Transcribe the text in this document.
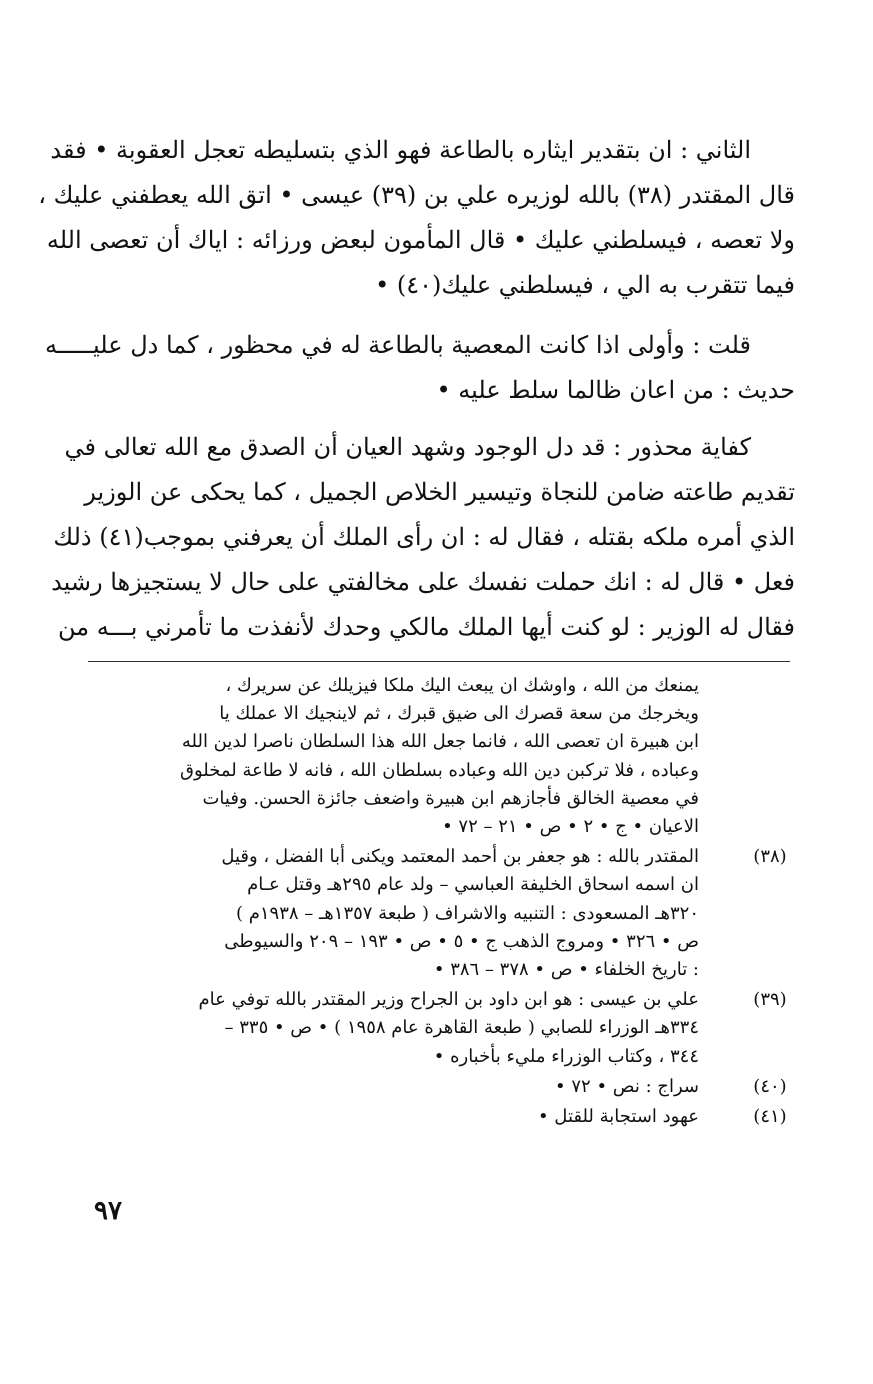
الثاني : ان بتقدير ايثاره بالطاعة فهو الذي بتسليطه تعجل العقوبة • فقد
قال المقتدر (٣٨) بالله لوزيره علي بن (٣٩) عيسى • اتق الله يعطفني عليك ،
ولا تعصه ، فيسلطني عليك • قال المأمون لبعض ورزائه : اياك أن تعصى الله
فيما تتقرب به الي ، فيسلطني عليك(٤٠) •
قلت : وأولى اذا كانت المعصية بالطاعة له في محظور ، كما دل عليـــــه
حديث : من اعان ظالما سلط عليه •
كفاية محذور : قد دل الوجود وشهد العيان أن الصدق مع الله تعالى في
تقديم طاعته ضامن للنجاة وتيسير الخلاص الجميل ، كما يحكى عن الوزير
الذي أمره ملكه بقتله ، فقال له : ان رأى الملك أن يعرفني بموجب(٤١) ذلك
فعل • قال له : انك حملت نفسك على مخالفتي على حال لا يستجيزها رشيد
فقال له الوزير : لو كنت أيها الملك مالكي وحدك لأنفذت ما تأمرني بـــه من
يمنعك من الله ، واوشك ان يبعث اليك ملكا فيزيلك عن سريرك ،
ويخرجك من سعة قصرك الى ضيق قبرك ، ثم لاينجيك الا عملك يا
ابن هبيرة ان تعصى الله ، فانما جعل الله هذا السلطان ناصرا لدين الله
وعباده ، فلا تركبن دين الله وعباده بسلطان الله ، فانه لا طاعة لمخلوق
في معصية الخالق فأجازهم ابن هبيرة واضعف جائزة الحسن. وفيات
الاعيان • ج • ٢ • ص • ٢١ – ٧٢ •
(٣٨)
المقتدر بالله : هو جعفر بن أحمد المعتمد ويكنى أبا الفضل ، وقيل
ان اسمه اسحاق الخليفة العباسي – ولد عام ٢٩٥هـ وقتل عـام
٣٢٠هـ المسعودى : التنبيه والاشراف ( طبعة ١٣٥٧هـ – ١٩٣٨م )
ص • ٣٢٦ • ومروج الذهب ج • ٥ • ص • ١٩٣ – ٢٠٩ والسيوطى
: تاريخ الخلفاء • ص • ٣٧٨ – ٣٨٦ •
(٣٩)
علي بن عيسى : هو ابن داود بن الجراح وزير المقتدر بالله توفي عام
٣٣٤هـ الوزراء للصابي ( طبعة القاهرة عام ١٩٥٨ ) • ص • ٣٣٥ –
٣٤٤ ، وكتاب الوزراء مليء بأخباره •
(٤٠)
سراج : نص • ٧٢ •
(٤١)
عهود استجابة للقتل •
٩٧
